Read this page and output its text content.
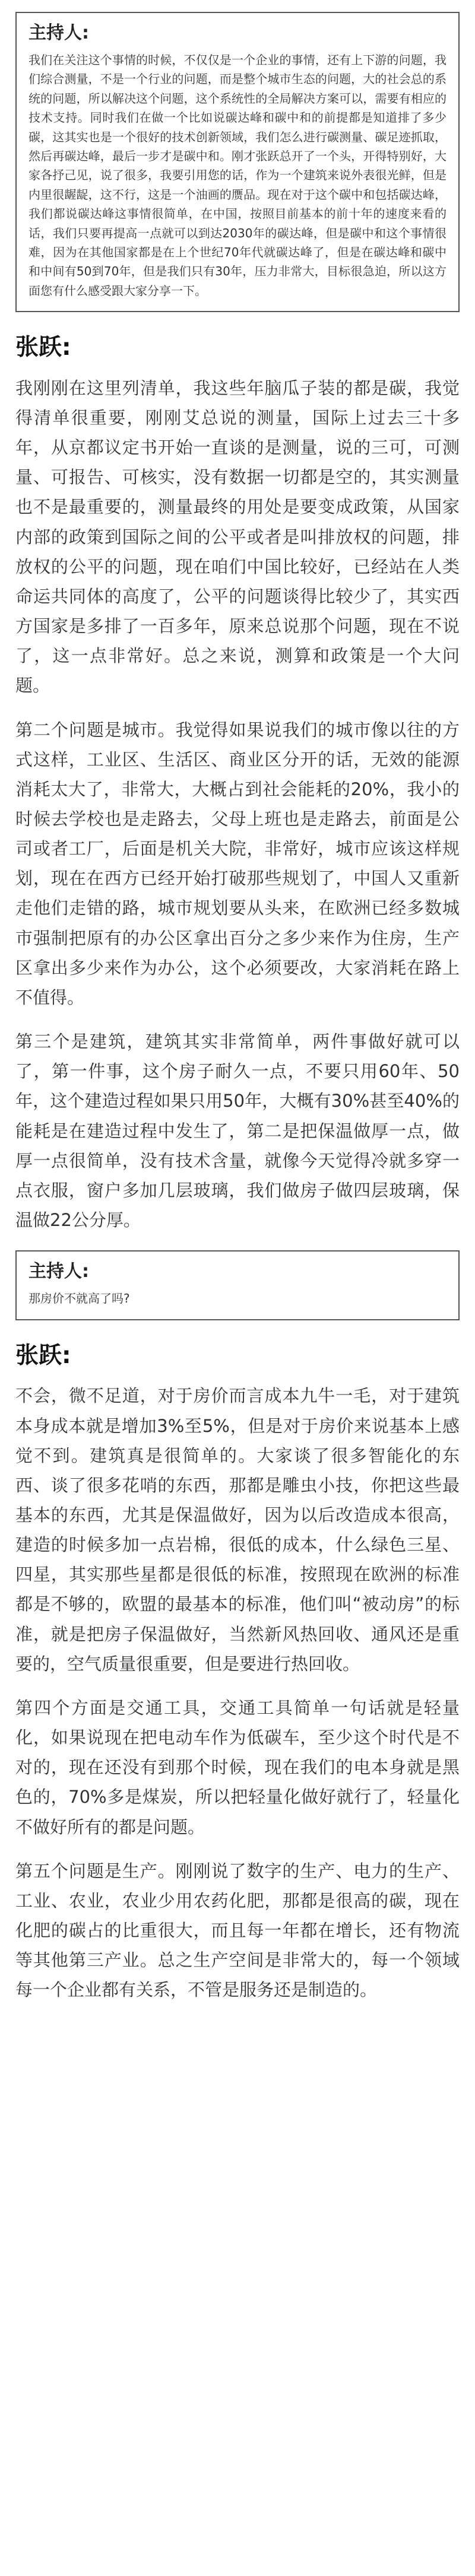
主持人:
我们在关注这个事情的时候，不仅仅是一个企业的事情，还有上下游的问题，我们综合测量，不是一个行业的问题，而是整个城市生态的问题，大的社会总的系统的问题，所以解决这个问题，这个系统性的全局解决方案可以，需要有相应的技术支持。同时我们在做一个比如说碳达峰和碳中和的前提都是知道排了多少碳，这其实也是一个很好的技术创新领域，我们怎么进行碳测量、碳足迹抓取，然后再碳达峰，最后一步才是碳中和。刚才张跃总开了一个头，开得特别好，大家各抒己见，说了很多，我要引用您的话，作为一个建筑来说外表很光鲜，但是内里很龌龊，这不行，这是一个油画的赝品。现在对于这个碳中和包括碳达峰，我们都说碳达峰这事情很简单，在中国，按照目前基本的前十年的速度来看的话，我们只要再提高一点就可以到达2030年的碳达峰，但是碳中和这个事情很难，因为在其他国家都是在上个世纪70年代就碳达峰了，但是在碳达峰和碳中和中间有50到70年，但是我们只有30年，压力非常大，目标很急迫，所以这方面您有什么感受跟大家分享一下。
张跃:

我刚刚在这里列清单，我这些年脑瓜子装的都是碳，我觉得清单很重要，刚刚艾总说的测量，国际上过去三十多年，从京都议定书开始一直谈的是测量，说的三可，可测量、可报告、可核实，没有数据一切都是空的，其实测量也不是最重要的，测量最终的用处是要变成政策，从国家内部的政策到国际之间的公平或者是叫排放权的问题，排放权的公平的问题，现在咱们中国比较好，已经站在人类命运共同体的高度了，公平的问题谈得比较少了，其实西方国家是多排了一百多年，原来总说那个问题，现在不说了，这一点非常好。总之来说，测算和政策是一个大问题。

第二个问题是城市。我觉得如果说我们的城市像以往的方式这样，工业区、生活区、商业区分开的话，无效的能源消耗太大了，非常大，大概占到社会能耗的20%，我小的时候去学校也是走路去，父母上班也是走路去，前面是公司或者工厂，后面是机关大院，非常好，城市应该这样规划，现在在西方已经开始打破那些规划了，中国人又重新走他们走错的路，城市规划要从头来，在欧洲已经多数城市强制把原有的办公区拿出百分之多少来作为住房，生产区拿出多少来作为办公，这个必须要改，大家消耗在路上不值得。

第三个是建筑，建筑其实非常简单，两件事做好就可以了，第一件事，这个房子耐久一点，不要只用60年、50年，这个建造过程如果只用50年，大概有30%甚至40%的能耗是在建造过程中发生了，第二是把保温做厚一点，做厚一点很简单，没有技术含量，就像今天觉得冷就多穿一点衣服，窗户多加几层玻璃，我们做房子做四层玻璃，保温做22公分厚。

主持人:
那房价不就高了吗?
张跃:

不会，微不足道，对于房价而言成本九牛一毛，对于建筑本身成本就是增加3%至5%，但是对于房价来说基本上感觉不到。建筑真是很简单的。大家谈了很多智能化的东西、谈了很多花哨的东西，那都是雕虫小技，你把这些最基本的东西，尤其是保温做好，因为以后改造成本很高，建造的时候多加一点岩棉，很低的成本，什么绿色三星、四星，其实那些星都是很低的标准，按照现在欧洲的标准都是不够的，欧盟的最基本的标准，他们叫“被动房”的标准，就是把房子保温做好，当然新风热回收、通风还是重要的，空气质量很重要，但是要进行热回收。

第四个方面是交通工具，交通工具简单一句话就是轻量化，如果说现在把电动车作为低碳车，至少这个时代是不对的，现在还没有到那个时候，现在我们的电本身就是黑色的，70%多是煤炭，所以把轻量化做好就行了，轻量化不做好所有的都是问题。

第五个问题是生产。刚刚说了数字的生产、电力的生产、工业、农业，农业少用农药化肥，那都是很高的碳，现在化肥的碳占的比重很大，而且每一年都在增长，还有物流等其他第三产业。总之生产空间是非常大的，每一个领域每一个企业都有关系，不管是服务还是制造的。
